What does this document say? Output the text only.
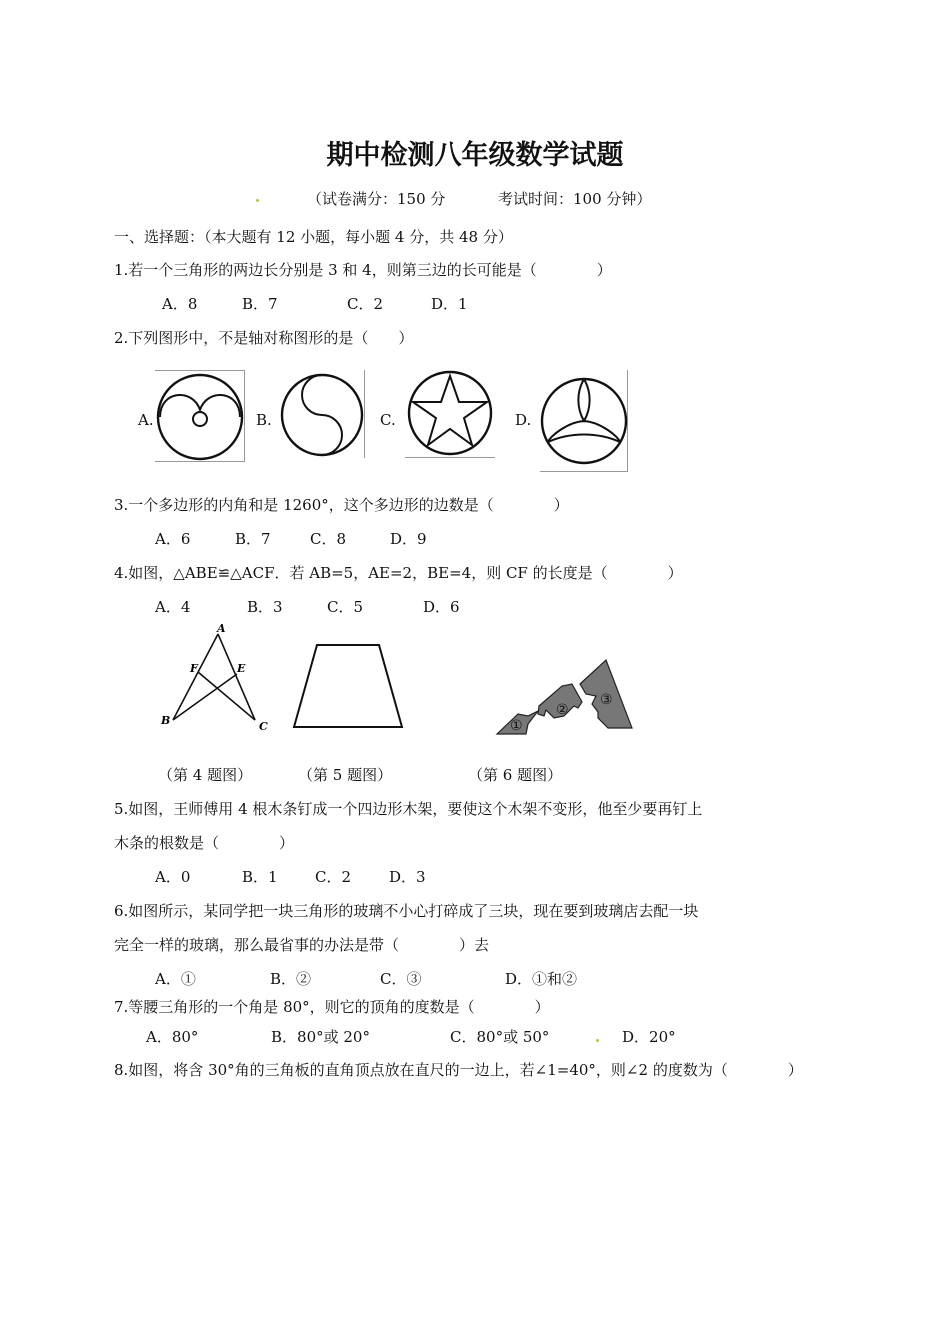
期中检测八年级数学试题
（试卷满分：150 分	考试时间：100 分钟）
一、选择题：（本大题有 12 小题，每小题 4 分，共 48 分）
1.若一个三角形的两边长分别是 3 和 4，则第三边的长可能是（　　　　）
A．8	B．7	C．2	D．1
2.下列图形中，不是轴对称图形的是（　　）
A.	B.	C.	D.
3.一个多边形的内角和是 1260°，这个多边形的边数是（　　　　）
A．6	B．7	C．8	D．9
4.如图，△ABE≌△ACF．若 AB=5，AE=2，BE=4，则 CF 的长度是（　　　　）
A．4	B．3	C．5	D．6
A
F	E
B	C	①
②
③
（第 4 题图）	（第 5 题图）	（第 6 题图）
5.如图，王师傅用 4 根木条钉成一个四边形木架，要使这个木架不变形，他至少要再钉上
木条的根数是（　　　　）
A．0	B．1 C．2	D．3
6.如图所示，某同学把一块三角形的玻璃不小心打碎成了三块，现在要到玻璃店去配一块
完全一样的玻璃，那么最省事的办法是带（　　　　）去
A．①	B．②	C．③	D．①和②
7.等腰三角形的一个角是 80°，则它的顶角的度数是（　　　　）
A．80°	B．80°或 20°	C．80°或 50°	D．20°
8.如图，将含 30°角的三角板的直角顶点放在直尺的一边上，若∠1=40°，则∠2 的度数为（　　　　）
